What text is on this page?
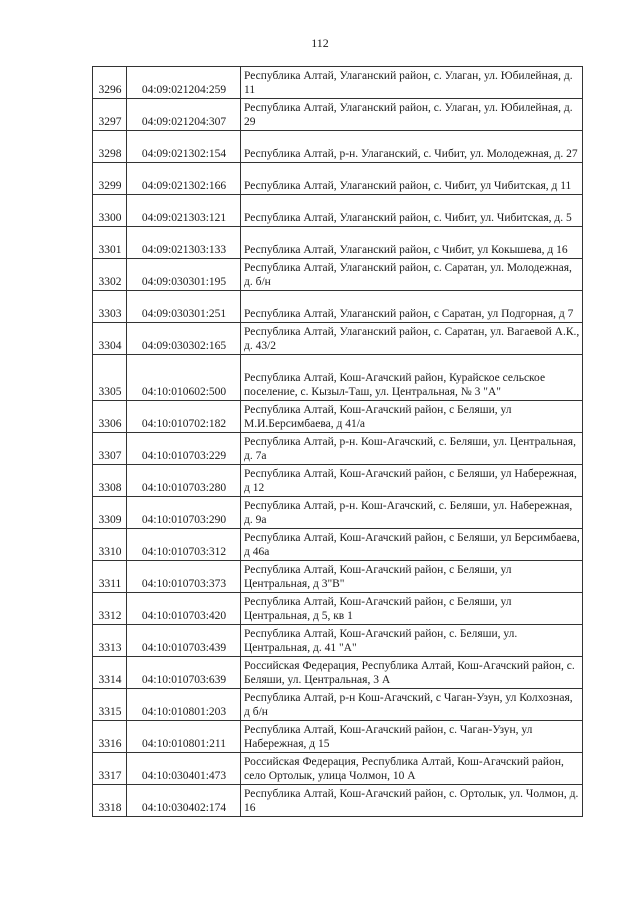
112
3296	04:09:021204:259	Республика Алтай, Улаганский район, с. Улаган, ул. Юбилейная, д. 11
3297	04:09:021204:307	Республика Алтай, Улаганский район, с. Улаган, ул. Юбилейная, д. 29
3298	04:09:021302:154	Республика Алтай, р-н. Улаганский, с. Чибит, ул. Молодежная, д. 27
3299	04:09:021302:166	Республика Алтай, Улаганский район, с. Чибит, ул Чибитская, д 11
3300	04:09:021303:121	Республика Алтай, Улаганский район, с. Чибит, ул. Чибитская, д. 5
3301	04:09:021303:133	Республика Алтай, Улаганский район, с Чибит, ул Кокышева, д 16
3302	04:09:030301:195	Республика Алтай, Улаганский район, с. Саратан, ул. Молодежная, д. б/н
3303	04:09:030301:251	Республика Алтай, Улаганский район, с Саратан, ул Подгорная, д 7
3304	04:09:030302:165	Республика Алтай, Улаганский район, с. Саратан, ул. Вагаевой А.К., д. 43/2
3305	04:10:010602:500	Республика Алтай, Кош-Агачский район, Курайское сельское поселение, с. Кызыл-Таш, ул. Центральная, № 3 "А"
3306	04:10:010702:182	Республика Алтай, Кош-Агачский район, с Беляши, ул М.И.Берсимбаева, д 41/а
3307	04:10:010703:229	Республика Алтай, р-н. Кош-Агачский, с. Беляши, ул. Центральная, д. 7а
3308	04:10:010703:280	Республика Алтай, Кош-Агачский район, с Беляши, ул Набережная, д 12
3309	04:10:010703:290	Республика Алтай, р-н. Кош-Агачский, с. Беляши, ул. Набережная, д. 9а
3310	04:10:010703:312	Республика Алтай, Кош-Агачский район, с Беляши, ул Берсимбаева, д 46а
3311	04:10:010703:373	Республика Алтай, Кош-Агачский район, с Беляши, ул Центральная, д 3"В"
3312	04:10:010703:420	Республика Алтай, Кош-Агачский район, с Беляши, ул Центральная, д 5, кв 1
3313	04:10:010703:439	Республика Алтай, Кош-Агачский район, с. Беляши, ул. Центральная, д. 41 "А"
3314	04:10:010703:639	Российская Федерация, Республика Алтай, Кош-Агачский район, с. Беляши, ул. Центральная, 3 А
3315	04:10:010801:203	Республика Алтай, р-н Кош-Агачский, с Чаган-Узун, ул Колхозная, д б/н
3316	04:10:010801:211	Республика Алтай, Кош-Агачский район, с. Чаган-Узун, ул Набережная, д 15
3317	04:10:030401:473	Российская Федерация, Республика Алтай, Кош-Агачский район, село Ортолык, улица Чолмон, 10 А
3318	04:10:030402:174	Республика Алтай, Кош-Агачский район, с. Ортолык, ул. Чолмон, д. 16
